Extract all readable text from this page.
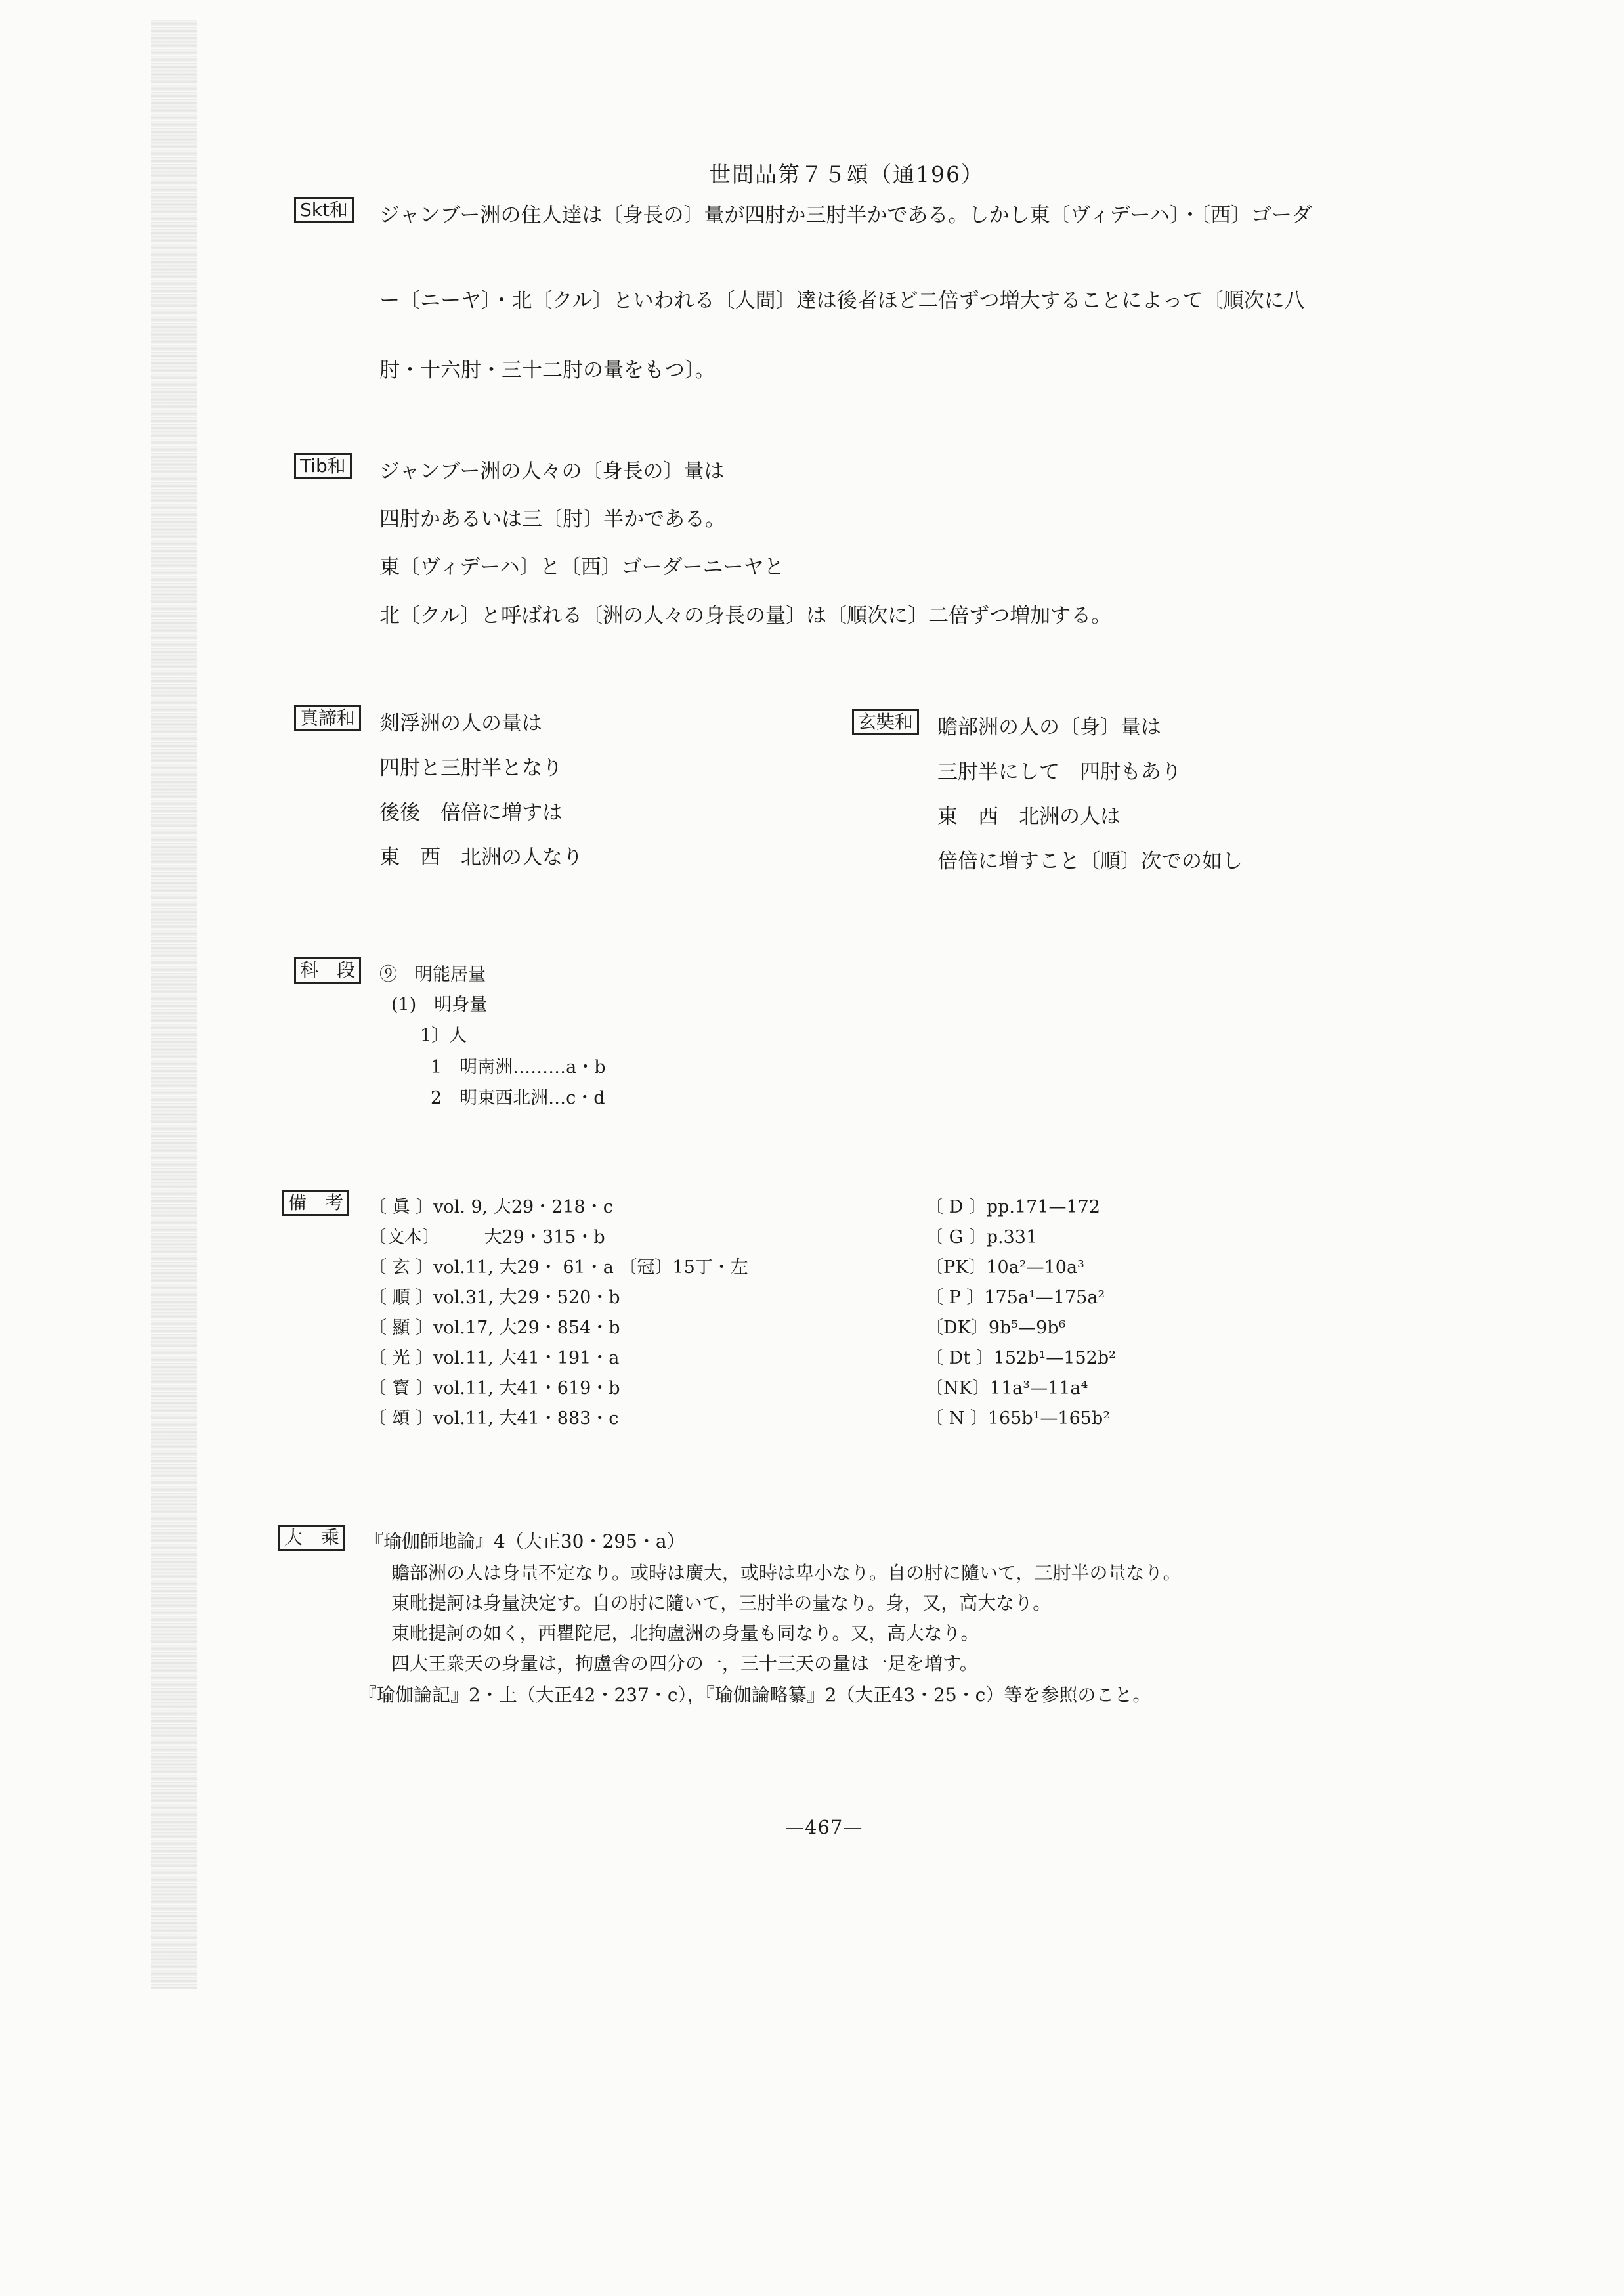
世間品第７５頌（通196）
Skt和 ジャンブー洲の住人達は〔身長の〕量が四肘か三肘半かである。しかし東〔ヴィデーハ〕・〔西〕ゴーダ
ー〔ニーヤ〕・北〔クル〕といわれる〔人間〕達は後者ほど二倍ずつ増大することによって〔順次に八
肘・十六肘・三十二肘の量をもつ〕。
Tib和 ジャンブー洲の人々の〔身長の〕量は
四肘かあるいは三〔肘〕半かである。
東〔ヴィデーハ〕と〔西〕ゴーダーニーヤと
北〔クル〕と呼ばれる〔洲の人々の身長の量〕は〔順次に〕二倍ずつ増加する。
真諦和 剡浮洲の人の量は
四肘と三肘半となり
後後　倍倍に増すは
東　西　北洲の人なり
玄奘和 贍部洲の人の〔身〕量は
三肘半にして　四肘もあり
東　西　北洲の人は
倍倍に増すこと〔順〕次での如し
科　段	⑨　明能居量
(1)　明身量
1〕人
1　明南洲………a・b
2　明東西北洲…c・d
備　考	〔 眞 〕vol. 9, 大29・218・c
〔文本〕　　　大29・315・b
〔 玄 〕vol.11, 大29・ 61・a 〔冠〕15丁・左
〔 順 〕vol.31, 大29・520・b
〔 顯 〕vol.17, 大29・854・b
〔 光 〕vol.11, 大41・191・a
〔 寳 〕vol.11, 大41・619・b
〔 頌 〕vol.11, 大41・883・c
〔 D 〕pp.171—172
〔 G 〕p.331
〔PK〕10a²—10a³
〔 P 〕175a¹—175a²
〔DK〕9b⁵—9b⁶
〔 Dt 〕152b¹—152b²
〔NK〕11a³—11a⁴
〔 N 〕165b¹—165b²
大　乘	『瑜伽師地論』4（大正30・295・a）
贍部洲の人は身量不定なり。或時は廣大，或時は卑小なり。自の肘に隨いて，三肘半の量なり。
東毗提訶は身量決定す。自の肘に隨いて，三肘半の量なり。身，又，高大なり。
東毗提訶の如く，西瞿陀尼，北拘盧洲の身量も同なり。又，高大なり。
四大王衆天の身量は，拘盧舎の四分の一，三十三天の量は一足を増す。
『瑜伽論記』2・上（大正42・237・c），『瑜伽論略纂』2（大正43・25・c）等を参照のこと。
—467—
